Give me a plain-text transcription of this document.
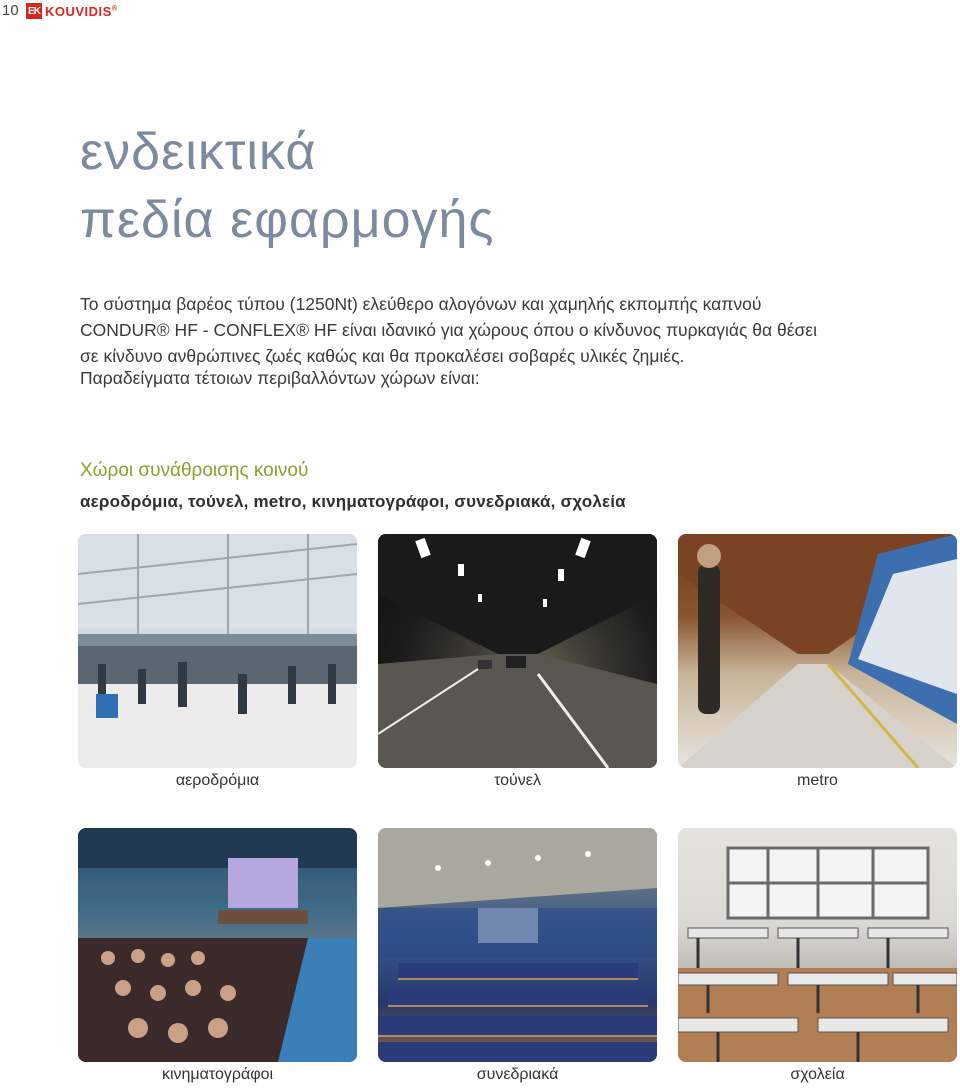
10 EK KOUVIDIS®
ενδεικτικά
πεδία εφαρμογής

Το σύστημα βαρέος τύπου (1250Nt) ελεύθερο αλογόνων και χαμηλής εκπομπής καπνού

CONDUR® HF - CONFLEX® HF είναι ιδανικό για χώρους όπου ο κίνδυνος πυρκαγιάς θα θέσει

σε κίνδυνο ανθρώπινες ζωές καθώς και θα προκαλέσει σοβαρές υλικές ζημιές.

Παραδείγματα τέτοιων περιβαλλόντων χώρων είναι:
Χώροι συνάθροισης κοινού
αεροδρόμια, τούνελ, metro, κινηματογράφοι, συνεδριακά, σχολεία
αεροδρόμια	τούνελ	metro
κινηματογράφοι	συνεδριακά	σχολεία
